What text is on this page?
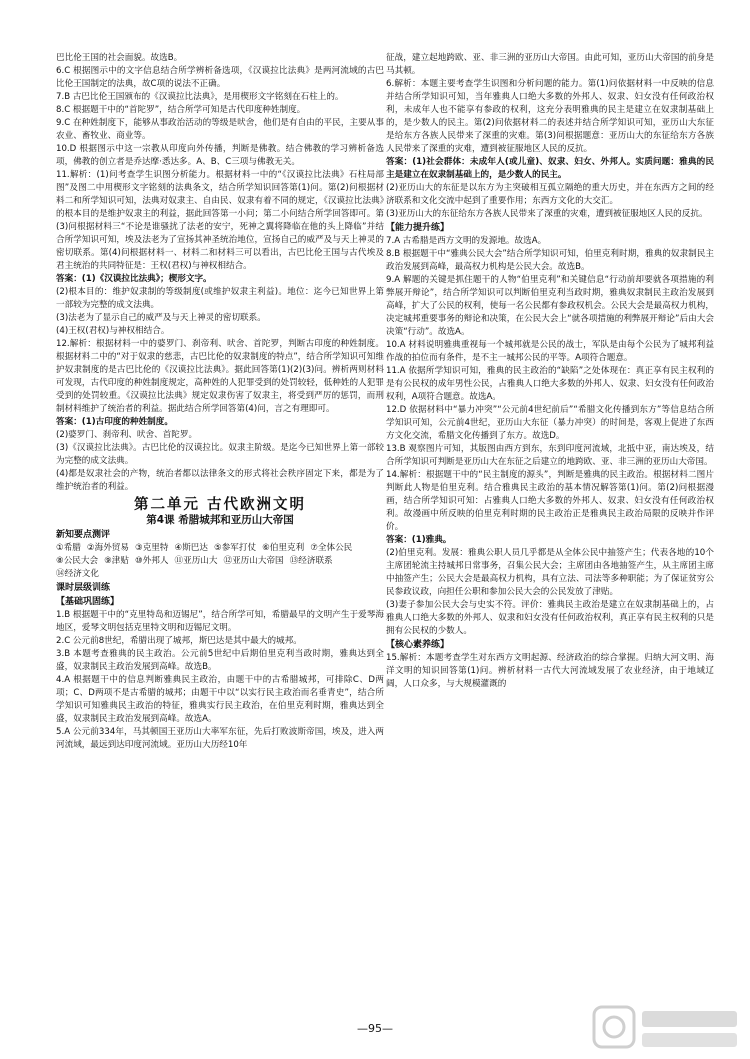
巴比伦王国的社会面貌。故选B。

6.C 根据图示中的文字信息结合所学辨析备选项，《汉谟拉比法典》是两河流域的古巴比伦王国制定的法典，故C项的说法不正确。

7.B 古巴比伦王国颁布的《汉谟拉比法典》，是用楔形文字铭刻在石柱上的。

8.C 根据题干中的“首陀罗”，结合所学可知是古代印度种姓制度。

9.C 在种姓制度下，能够从事政治活动的等级是吠舍，他们是有自由的平民，主要从事农业、畜牧业、商业等。

10.D 根据图示中这一宗教从印度向外传播，判断是佛教。结合佛教的学习辨析备选项，佛教的创立者是乔达摩·悉达多。A、B、C三项与佛教无关。

11.解析：(1)问考查学生识图分析能力。根据材料一中的“《汉谟拉比法典》石柱局部图”及图二中用楔形文字铭刻的法典条文，结合所学知识回答第(1)问。第(2)问根据材料二和所学知识可知，法典对奴隶主、自由民、奴隶有着不同的规定，《汉谟拉比法典》的根本目的是维护奴隶主的利益，据此回答第一小问；第二小问结合所学回答即可。第(3)问根据材料三“不论是谁骚扰了法老的安宁，死神之翼将降临在他的头上降临”并结合所学知识可知，埃及法老为了宣扬其神圣统治地位，宣扬自己的威严及与天上神灵的密切联系。第(4)问根据材料一、材料二和材料三可以看出，古巴比伦王国与古代埃及君主统治的共同特征是：王权(君权)与神权相结合。

答案：(1)《汉谟拉比法典》；楔形文字。

(2)根本目的：维护奴隶制的等级制度(或维护奴隶主利益)。地位：迄今已知世界上第一部较为完整的成文法典。

(3)法老为了显示自己的威严及与天上神灵的密切联系。

(4)王权(君权)与神权相结合。

12.解析：根据材料一中的婆罗门、刹帝利、吠舍、首陀罗，判断古印度的种姓制度。根据材料二中的“对于奴隶的慈悲，古巴比伦的奴隶制度的特点”，结合所学知识可知维护奴隶制度的是古巴比伦的《汉谟拉比法典》。据此回答第(1)(2)(3)问。辨析两则材料可发现，古代印度的种姓制度规定，高种姓的人犯罪受到的处罚较轻，低种姓的人犯罪受到的处罚较重。《汉谟拉比法典》规定奴隶伤害了奴隶主，将受到严厉的惩罚，而刑制材料维护了统治者的利益。据此结合所学回答第(4)问，言之有理即可。

答案：(1)古印度的种姓制度。

(2)婆罗门、刹帝利、吠舍、首陀罗。

(3)《汉谟拉比法典》。古巴比伦的汉谟拉比。奴隶主阶级。是迄今已知世界上第一部较为完整的成文法典。

(4)都是奴隶社会的产物，统治者都以法律条文的形式将社会秩序固定下来，都是为了维护统治者的利益。

第二单元 古代欧洲文明
第4课 希腊城邦和亚历山大帝国
新知要点测评
①希腊 ②海外贸易 ③克里特 ④斯巴达 ⑤参军打仗 ⑥伯里克利 ⑦全体公民
⑧公民大会 ⑨津贴 ⑩外邦人 ⑪亚历山大 ⑫亚历山大帝国 ⑬经济联系
⑭经济文化
课时层级训练
【基础巩固练】

1.B 根据题干中的“克里特岛和迈锡尼”，结合所学可知，希腊最早的文明产生于爱琴海地区，爱琴文明包括克里特文明和迈锡尼文明。

2.C 公元前8世纪，希腊出现了城邦，斯巴达是其中最大的城邦。

3.B 本题考查雅典的民主政治。公元前5世纪中后期伯里克利当政时期，雅典达到全盛，奴隶制民主政治发展到高峰。故选B。

4.A 根据题干中的信息判断雅典民主政治，由题干中的古希腊城邦，可排除C、D两项；C、D两项不是古希腊的城邦；由题干中以“以实行民主政治而名垂青史”，结合所学知识可知雅典民主政治的特征，雅典实行民主政治，在伯里克利时期，雅典达到全盛，奴隶制民主政治发展到高峰。故选A。

5.A 公元前334年，马其顿国王亚历山大率军东征，先后打败波斯帝国，埃及，进入两河流域，最远到达印度河流域。亚历山大历经10年

征战，建立起地跨欧、亚、非三洲的亚历山大帝国。由此可知，亚历山大帝国的前身是马其顿。

6.解析：本题主要考查学生识图和分析问题的能力。第(1)问依据材料一中反映的信息并结合所学知识可知，当年雅典人口绝大多数的外邦人、奴隶、妇女没有任何政治权利，未成年人也不能享有参政的权利，这充分表明雅典的民主是建立在奴隶制基础上的，是少数人的民主。第(2)问依据材料二的表述并结合所学知识可知，亚历山大东征是给东方各族人民带来了深重的灾难。第(3)问根据题意：亚历山大的东征给东方各族人民带来了深重的灾难，遭到被征服地区人民的反抗。

答案：(1)社会群体：未成年人(或儿童)、奴隶、妇女、外邦人。实质问题：雅典的民主是建立在奴隶制基础上的，是少数人的民主。

(2)亚历山大的东征是以东方为主突破相互孤立隔绝的重大历史，并在东西方之间的经济联系和文化交流中起到了重要作用；东西方文化的大交汇。

(3)亚历山大的东征给东方各族人民带来了深重的灾难，遭到被征服地区人民的反抗。

【能力提升练】

7.A 古希腊是西方文明的发源地。故选A。

8.B 根据题干中“雅典公民大会”结合所学知识可知，伯里克利时期，雅典的奴隶制民主政治发展到高峰，最高权力机构是公民大会。故选B。

9.A 解题的关键是抓住题干的人物“伯里克利”和关键信息“行动前却要就各项措施的利弊展开辩论”，结合所学知识可以判断伯里克利当政时期，雅典奴隶制民主政治发展到高峰，扩大了公民的权利，使每一名公民都有参政权机会。公民大会是最高权力机构，决定城邦重要事务的辩论和决策，在公民大会上“就各项措施的利弊展开辩论”后由大会决策“行动”。故选A。

10.A 材料说明雅典重视每一个城邦就是公民的战士，军队是由每个公民为了城邦利益作战的拍位而有条件，是不主一城邦公民的平等。A项符合题意。

11.A 依据所学知识可知，雅典的民主政治的“缺陷”之处体现在：真正享有民主权利的是有公民权的成年男性公民，占雅典人口绝大多数的外邦人、奴隶、妇女没有任何政治权利，A项符合题意。故选A。

12.D 依据材料中“暴力冲突”“公元前4世纪前后”“希腊文化传播到东方”等信息结合所学知识可知，公元前4世纪，亚历山大东征（暴力冲突）的时间是，客观上促进了东西方文化交流，希腊文化传播到了东方。故选D。

13.B 观察图片可知，其版图由西方到东，东到印度河流域，北抵中亚，南达埃及，结合所学知识可判断是亚历山大在东征之后建立的地跨欧、亚、非三洲的亚历山大帝国。

14.解析：根据题干中的“民主制度的源头”，判断是雅典的民主政治。根据材料二图片判断此人物是伯里克利。结合雅典民主政治的基本情况解答第(1)问。第(2)问根据漫画，结合所学知识可知：占雅典人口绝大多数的外邦人、奴隶、妇女没有任何政治权利。故漫画中所反映的伯里克利时期的民主政治正是雅典民主政治局限的反映并作评价。

答案：(1)雅典。

(2)伯里克利。发展：雅典公职人员几乎都是从全体公民中抽签产生；代表各地的10个主席团轮流主持城邦日常事务，召集公民大会；主席团由各地抽签产生，从主席团主席中抽签产生；公民大会是最高权力机构，具有立法、司法等多种职能；为了保证贫穷公民参政议政，向担任公职和参加公民大会的公民发放了津贴。

(3)妻子参加公民大会与史实不符。评价：雅典民主政治是建立在奴隶制基础上的，占雅典人口绝大多数的外邦人、奴隶和妇女没有任何政治权利，真正享有民主权利的只是拥有公民权的少数人。

【核心素养练】

15.解析：本题考查学生对东西方文明起源、经济政治的综合掌握。归纳大河文明、海洋文明的知识回答第(1)问。辨析材料一古代大河流域发展了农业经济，由于地域辽阔，人口众多，与大规模灌溉的

—95—
